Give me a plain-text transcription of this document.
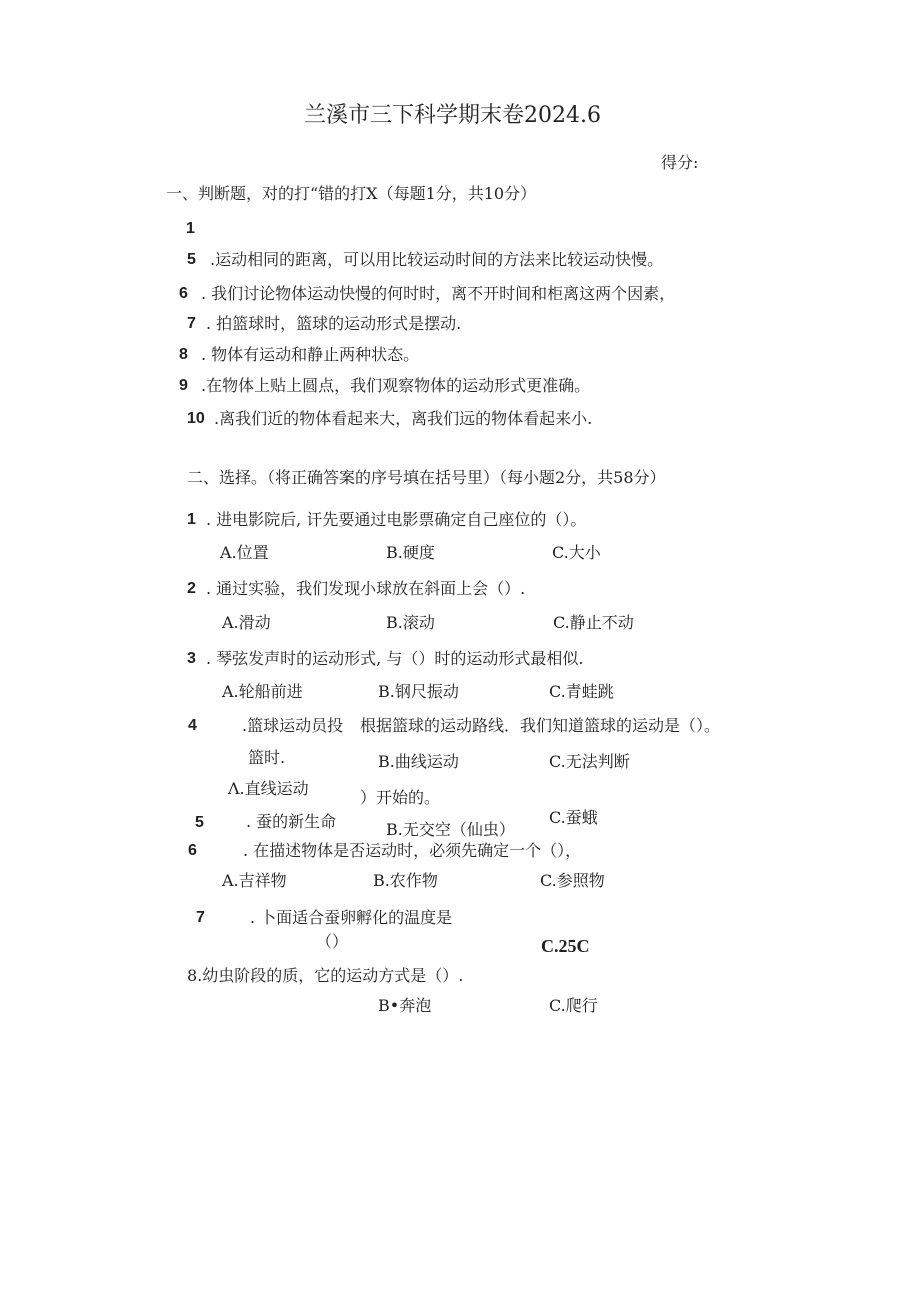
兰溪市三下科学期末卷2024.6
得分:
一、判断题，对的打“错的打X（每题1分，共10分）
1
5 .运动相同的距离，可以用比较运动时间的方法来比较运动快慢。
6 . 我们讨论物体运动快慢的何时时，离不开时间和柜离这两个因素，
7 . 拍篮球时，篮球的运动形式是摆动.
8 . 物体有运动和静止两种状态。
9 .在物体上贴上圆点，我们观察物体的运动形式更准确。
10 .离我们近的物体看起来大，离我们远的物体看起来小.
二、选择。（将正确答案的序号填在括号里）（每小题2分，共58分）
1 . 进电影院后, 讦先要通过电影票确定自己座位的（）。
A.位置	B.硬度	C.大小
2 . 通过实验，我们发现小球放在斜面上会（）.
A.滑动	B.滚动	C.静止不动
3 . 琴弦发声时的运动形式, 与（）时的运动形式最相似.
A.轮船前进	B.钢尺振动	C.青蛙跳
4	.篮球运动员投 根据篮球的运动路线．我们知道篮球的运动是（）。
篮时.	B.曲线运动	C.无法判断
Λ.直线运动	）开始的。
5	. 蚕的新生命	B.无交空（仙虫）
C.蚕蛾
6	. 在描述物体是否运动时，必须先确定一个（），
A.吉祥物	B.农作物	C.参照物
7	. 卜面适合蚕卵孵化的温度是
（）	C.25C
8.幼虫阶段的质，它的运动方式是（）.
B•奔泡	C.爬行
